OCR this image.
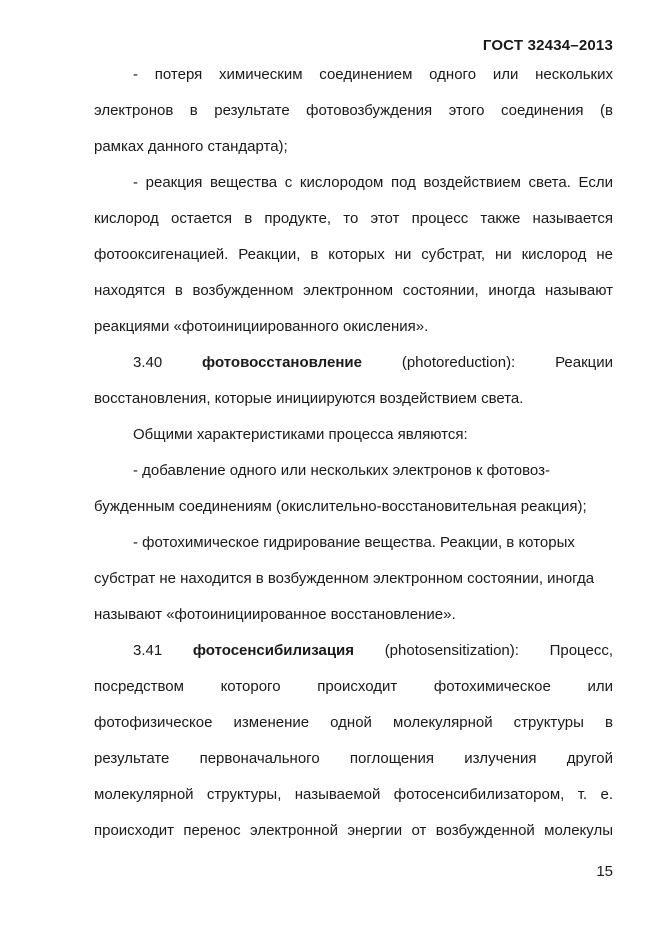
ГОСТ 32434–2013
- потеря химическим соединением одного или нескольких
электронов в результате фотовозбуждения этого соединения (в
рамках данного стандарта);
- реакция вещества с кислородом под воздействием света. Если
кислород остается в продукте, то этот процесс также называется
фотооксигенацией. Реакции, в которых ни субстрат, ни кислород не
находятся в возбужденном электронном состоянии, иногда называют
реакциями «фотоинициированного окисления».
3.40	фотовосстановление	(photoreduction):	Реакции
восстановления, которые инициируются воздействием света.
Общими характеристиками процесса являются:
- добавление одного или нескольких электронов к фотовоз-
бужденным соединениям (окислительно-восстановительная реакция);
- фотохимическое гидрирование вещества. Реакции, в которых
субстрат не находится в возбужденном электронном состоянии, иногда
называют «фотоинициированное восстановление».
3.41 фотосенсибилизация (photosensitization): Процесс,
посредством которого происходит фотохимическое или
фотофизическое изменение одной молекулярной структуры в
результате первоначального поглощения излучения другой
молекулярной структуры, называемой фотосенсибилизатором, т. е.
происходит перенос электронной энергии от возбужденной молекулы
15
